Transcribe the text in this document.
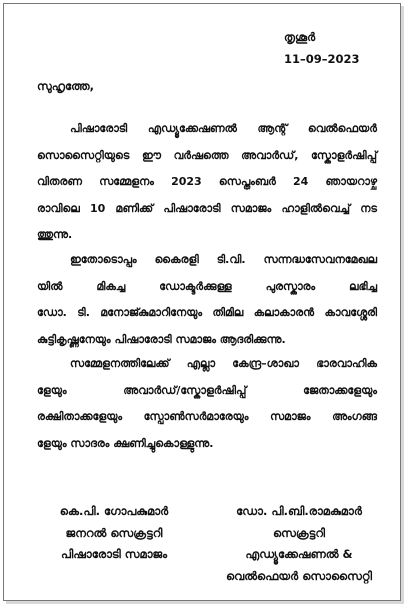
തൃശൂർ
11–09–2023
സുഹൃത്തേ,
പിഷാരോടി എഡ്യൂക്കേഷണൽ ആന്റ് വെൽഫെയർ
സൊസൈറ്റിയുടെ ഈ വർഷത്തെ അവാർഡ്, സ്കോളർഷിപ്പ്
വിതരണ സമ്മേളനം 2023 സെപ്തംബർ 24 ഞായറാഴ്ച
രാവിലെ 10 മണിക്ക് പിഷാരോടി സമാജം ഹാളിൽവെച്ച് നട
ത്തുന്നു.
ഇതോടൊപ്പം കൈരളി ടി.വി. സന്നദ്ധസേവനമേഖല
യിൽ മികച്ച ഡോക്ടർക്കുള്ള പുരസ്കാരം ലഭിച്ച
ഡോ. ടി. മനോജ്കുമാറിനേയും തിമില കലാകാരൻ കാവശ്ശേരി
കുട്ടികൃഷ്ണനേയും പിഷാരോടി സമാജം ആദരിക്കുന്നു.
സമ്മേളനത്തിലേക്ക് എല്ലാ കേന്ദ്ര–ശാഖാ ഭാരവാഹിക
ളേയും അവാർഡ്/സ്കോളർഷിപ്പ് ജേതാക്കളേയും
രക്ഷിതാക്കളേയും സ്പോൺസർമാരേയും സമാജം അംഗങ്ങ
ളേയും സാദരം ക്ഷണിച്ചുകൊള്ളുന്നു.
കെ.പി. ഗോപകുമാർ
ജനറൽ സെക്രട്ടറി
പിഷാരോടി സമാജം
ഡോ. പി.ബി.രാമകുമാർ
സെക്രട്ടറി
എഡ്യൂക്കേഷണൽ &
വെൽഫെയർ സൊസൈറ്റി
